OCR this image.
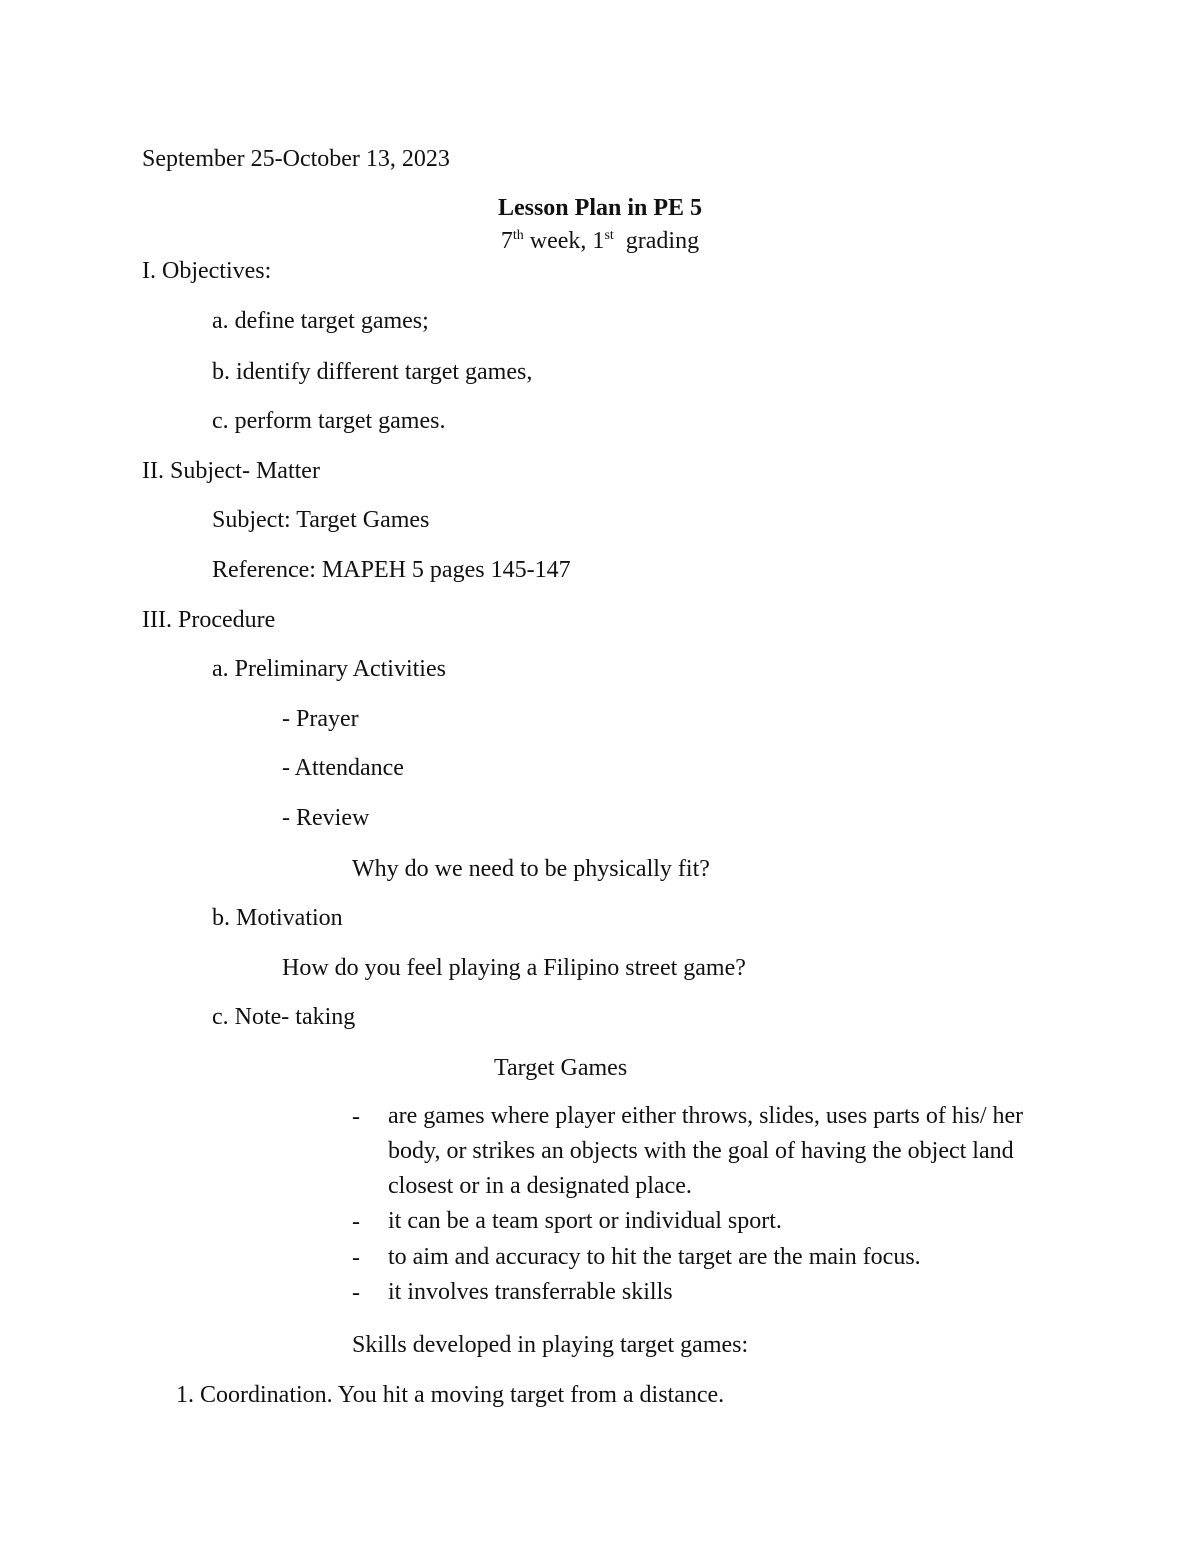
September 25-October 13, 2023
Lesson Plan in PE 5
7th week, 1st  grading
I. Objectives:
a. define target games;
b. identify different target games,
c. perform target games.
II. Subject- Matter
Subject: Target Games
Reference: MAPEH 5 pages 145-147
III. Procedure
a. Preliminary Activities
- Prayer
- Attendance
- Review
Why do we need to be physically fit?
b. Motivation
How do you feel playing a Filipino street game?
c. Note- taking
Target Games
- are games where player either throws, slides, uses parts of his/ her body, or strikes an objects with the goal of having the object land closest or in a designated place.
- it can be a team sport or individual sport.
- to aim and accuracy to hit the target are the main focus.
- it involves transferrable skills
Skills developed in playing target games:
1. Coordination. You hit a moving target from a distance.
